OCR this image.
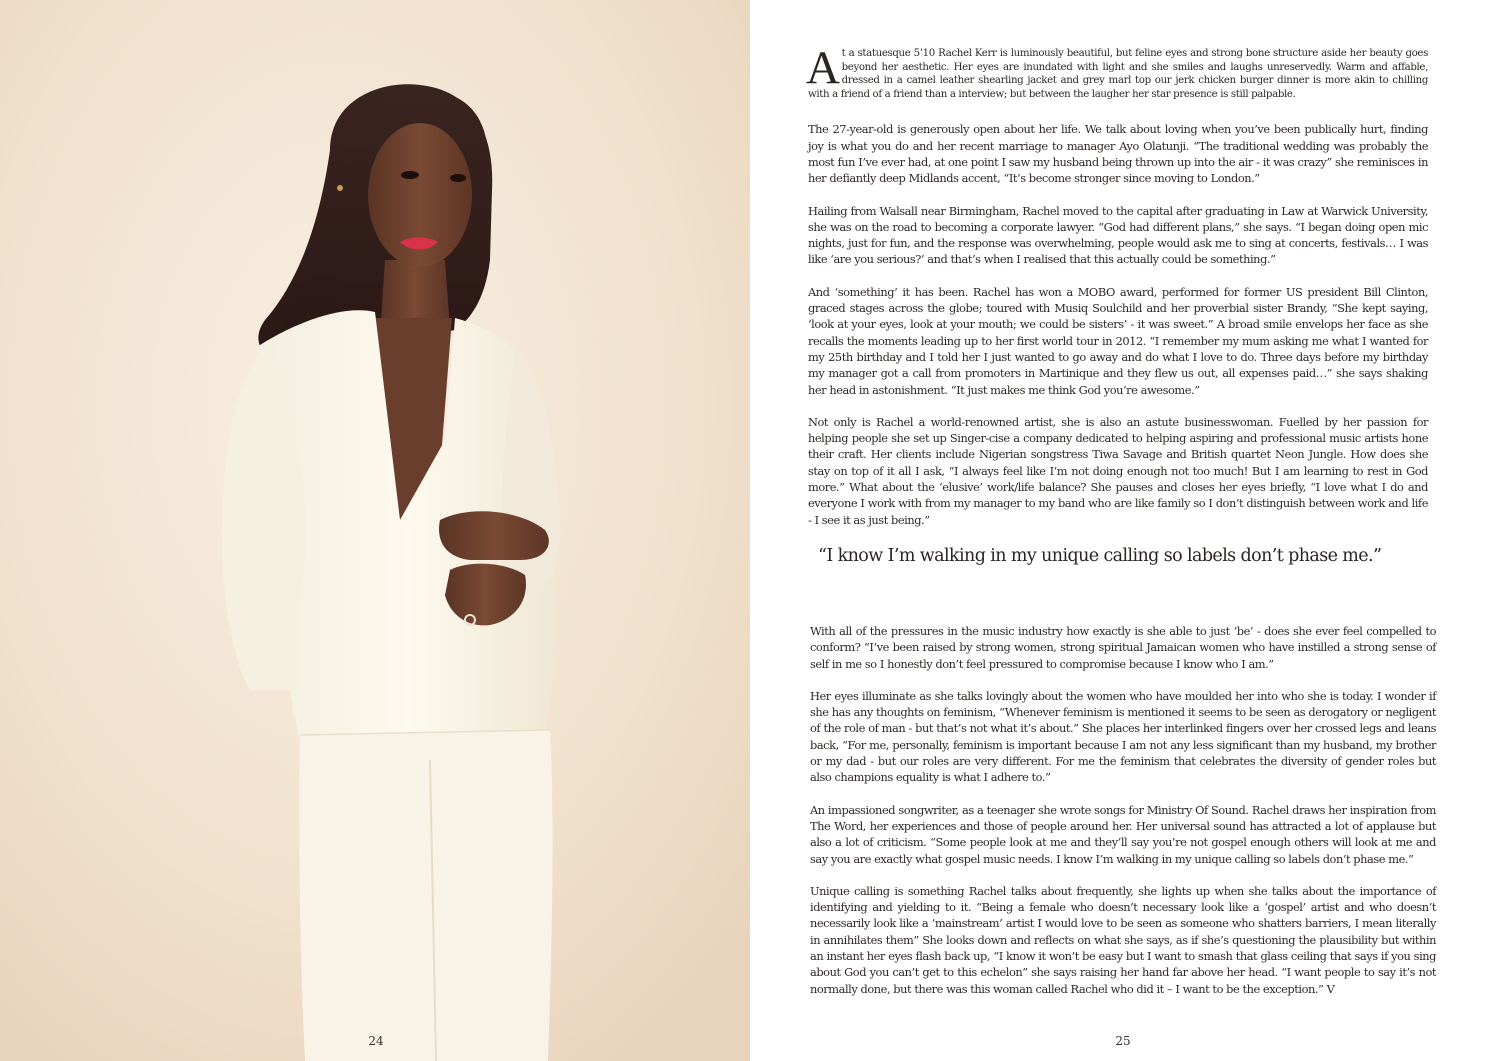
24

At a statuesque 5’10 Rachel Kerr is luminously beautiful, but feline eyes and strong bone structure aside her beauty goes beyond her aesthetic. Her eyes are inundated with light and she smiles and laughs unreservedly. Warm and affable, dressed in a camel leather shearling jacket and grey marl top our jerk chicken burger dinner is more akin to chilling with a friend of a friend than a interview; but between the laugher her star presence is still palpable.

The 27-year-old is generously open about her life. We talk about loving when you’ve been publically hurt, finding joy is what you do and her recent marriage to manager Ayo Olatunji. “The traditional wedding was probably the most fun I’ve ever had, at one point I saw my husband being thrown up into the air - it was crazy” she reminisces in her defiantly deep Midlands accent, “It’s become stronger since moving to London.”

Hailing from Walsall near Birmingham, Rachel moved to the capital after graduating in Law at Warwick University, she was on the road to becoming a corporate lawyer. “God had different plans,” she says. “I began doing open mic nights, just for fun, and the response was overwhelming, people would ask me to sing at concerts, festivals… I was like ‘are you serious?’ and that’s when I realised that this actually could be something.”

And ‘something’ it has been. Rachel has won a MOBO award, performed for former US president Bill Clinton, graced stages across the globe; toured with Musiq Soulchild and her proverbial sister Brandy, “She kept saying, ‘look at your eyes, look at your mouth; we could be sisters’ - it was sweet.” A broad smile envelops her face as she recalls the moments leading up to her first world tour in 2012. “I remember my mum asking me what I wanted for my 25th birthday and I told her I just wanted to go away and do what I love to do. Three days before my birthday my manager got a call from promoters in Martinique and they flew us out, all expenses paid…” she says shaking her head in astonishment. “It just makes me think God you’re awesome.”

Not only is Rachel a world-renowned artist, she is also an astute businesswoman. Fuelled by her passion for helping people she set up Singer-cise a company dedicated to helping aspiring and professional music artists hone their craft. Her clients include Nigerian songstress Tiwa Savage and British quartet Neon Jungle. How does she stay on top of it all I ask, “I always feel like I’m not doing enough not too much! But I am learning to rest in God more.” What about the ‘elusive’ work/life balance? She pauses and closes her eyes briefly, “I love what I do and everyone I work with from my manager to my band who are like family so I don’t distinguish between work and life - I see it as just being.”

“I know I’m walking in my unique calling so labels don’t phase me.”

With all of the pressures in the music industry how exactly is she able to just ‘be’ - does she ever feel compelled to conform? “I’ve been raised by strong women, strong spiritual Jamaican women who have instilled a strong sense of self in me so I honestly don’t feel pressured to compromise because I know who I am.”

Her eyes illuminate as she talks lovingly about the women who have moulded her into who she is today. I wonder if she has any thoughts on feminism, “Whenever feminism is mentioned it seems to be seen as derogatory or negligent of the role of man - but that’s not what it’s about.” She places her interlinked fingers over her crossed legs and leans back, “For me, personally, feminism is important because I am not any less significant than my husband, my brother or my dad - but our roles are very different. For me the feminism that celebrates the diversity of gender roles but also champions equality is what I adhere to.”

An impassioned songwriter, as a teenager she wrote songs for Ministry Of Sound. Rachel draws her inspiration from The Word, her experiences and those of people around her. Her universal sound has attracted a lot of applause but also a lot of criticism. “Some people look at me and they’ll say you’re not gospel enough others will look at me and say you are exactly what gospel music needs. I know I’m walking in my unique calling so labels don’t phase me.”

Unique calling is something Rachel talks about frequently, she lights up when she talks about the importance of identifying and yielding to it. “Being a female who doesn’t necessary look like a ‘gospel’ artist and who doesn’t necessarily look like a ‘mainstream’ artist I would love to be seen as someone who shatters barriers, I mean literally in annihilates them” She looks down and reflects on what she says, as if she’s questioning the plausibility but within an instant her eyes flash back up, “I know it won’t be easy but I want to smash that glass ceiling that says if you sing about God you can’t get to this echelon” she says raising her hand far above her head. “I want people to say it’s not normally done, but there was this woman called Rachel who did it – I want to be the exception.” V

25
